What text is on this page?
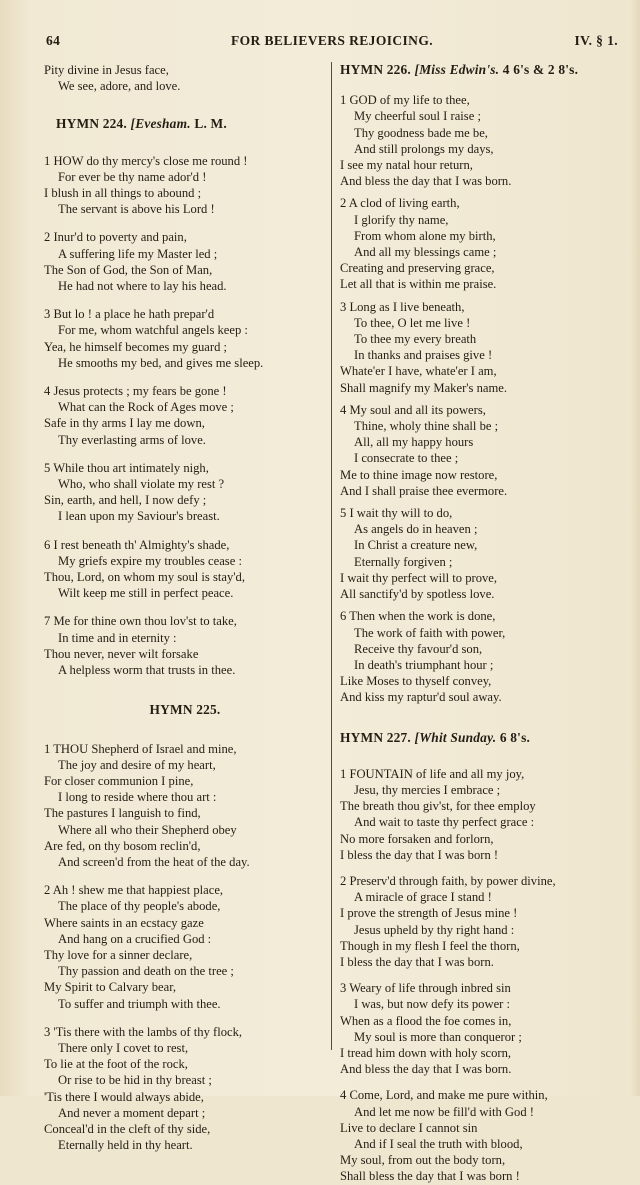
64	FOR BELIEVERS REJOICING.	IV. § 1.
Pity divine in Jesus face,
We see, adore, and love.
HYMN 224. [Evesham. L. M.
1 HOW do thy mercy's close me round !
For ever be thy name ador'd !
I blush in all things to abound ;
The servant is above his Lord !
2 Inur'd to poverty and pain,
A suffering life my Master led ;
The Son of God, the Son of Man,
He had not where to lay his head.
3 But lo ! a place he hath prepar'd
For me, whom watchful angels keep :
Yea, he himself becomes my guard ;
He smooths my bed, and gives me sleep.
4 Jesus protects ; my fears be gone !
What can the Rock of Ages move ;
Safe in thy arms I lay me down,
Thy everlasting arms of love.
5 While thou art intimately nigh,
Who, who shall violate my rest ?
Sin, earth, and hell, I now defy ;
I lean upon my Saviour's breast.
6 I rest beneath th' Almighty's shade,
My griefs expire my troubles cease :
Thou, Lord, on whom my soul is stay'd,
Wilt keep me still in perfect peace.
7 Me for thine own thou lov'st to take,
In time and in eternity :
Thou never, never wilt forsake
A helpless worm that trusts in thee.
HYMN 225.
1 THOU Shepherd of Israel and mine,
The joy and desire of my heart,
For closer communion I pine,
I long to reside where thou art :
The pastures I languish to find,
Where all who their Shepherd obey
Are fed, on thy bosom reclin'd,
And screen'd from the heat of the day.
2 Ah ! shew me that happiest place,
The place of thy people's abode,
Where saints in an ecstacy gaze
And hang on a crucified God :
Thy love for a sinner declare,
Thy passion and death on the tree ;
My Spirit to Calvary bear,
To suffer and triumph with thee.
3 'Tis there with the lambs of thy flock,
There only I covet to rest,
To lie at the foot of the rock,
Or rise to be hid in thy breast ;
'Tis there I would always abide,
And never a moment depart ;
Conceal'd in the cleft of thy side,
Eternally held in thy heart.
HYMN 226. [Miss Edwin's. 4 6's & 2 8's.
1 GOD of my life to thee,
My cheerful soul I raise ;
Thy goodness bade me be,
And still prolongs my days,
I see my natal hour return,
And bless the day that I was born.
2 A clod of living earth,
I glorify thy name,
From whom alone my birth,
And all my blessings came ;
Creating and preserving grace,
Let all that is within me praise.
3 Long as I live beneath,
To thee, O let me live !
To thee my every breath
In thanks and praises give !
Whate'er I have, whate'er I am,
Shall magnify my Maker's name.
4 My soul and all its powers,
Thine, wholy thine shall be ;
All, all my happy hours
I consecrate to thee ;
Me to thine image now restore,
And I shall praise thee evermore.
5 I wait thy will to do,
As angels do in heaven ;
In Christ a creature new,
Eternally forgiven ;
I wait thy perfect will to prove,
All sanctify'd by spotless love.
6 Then when the work is done,
The work of faith with power,
Receive thy favour'd son,
In death's triumphant hour ;
Like Moses to thyself convey,
And kiss my raptur'd soul away.
HYMN 227. [Whit Sunday. 6 8's.
1 FOUNTAIN of life and all my joy,
Jesu, thy mercies I embrace ;
The breath thou giv'st, for thee employ
And wait to taste thy perfect grace :
No more forsaken and forlorn,
I bless the day that I was born !
2 Preserv'd through faith, by power divine,
A miracle of grace I stand !
I prove the strength of Jesus mine !
Jesus upheld by thy right hand :
Though in my flesh I feel the thorn,
I bless the day that I was born.
3 Weary of life through inbred sin
I was, but now defy its power :
When as a flood the foe comes in,
My soul is more than conqueror ;
I tread him down with holy scorn,
And bless the day that I was born.
4 Come, Lord, and make me pure within,
And let me now be fill'd with God !
Live to declare I cannot sin
And if I seal the truth with blood,
My soul, from out the body torn,
Shall bless the day that I was born !
